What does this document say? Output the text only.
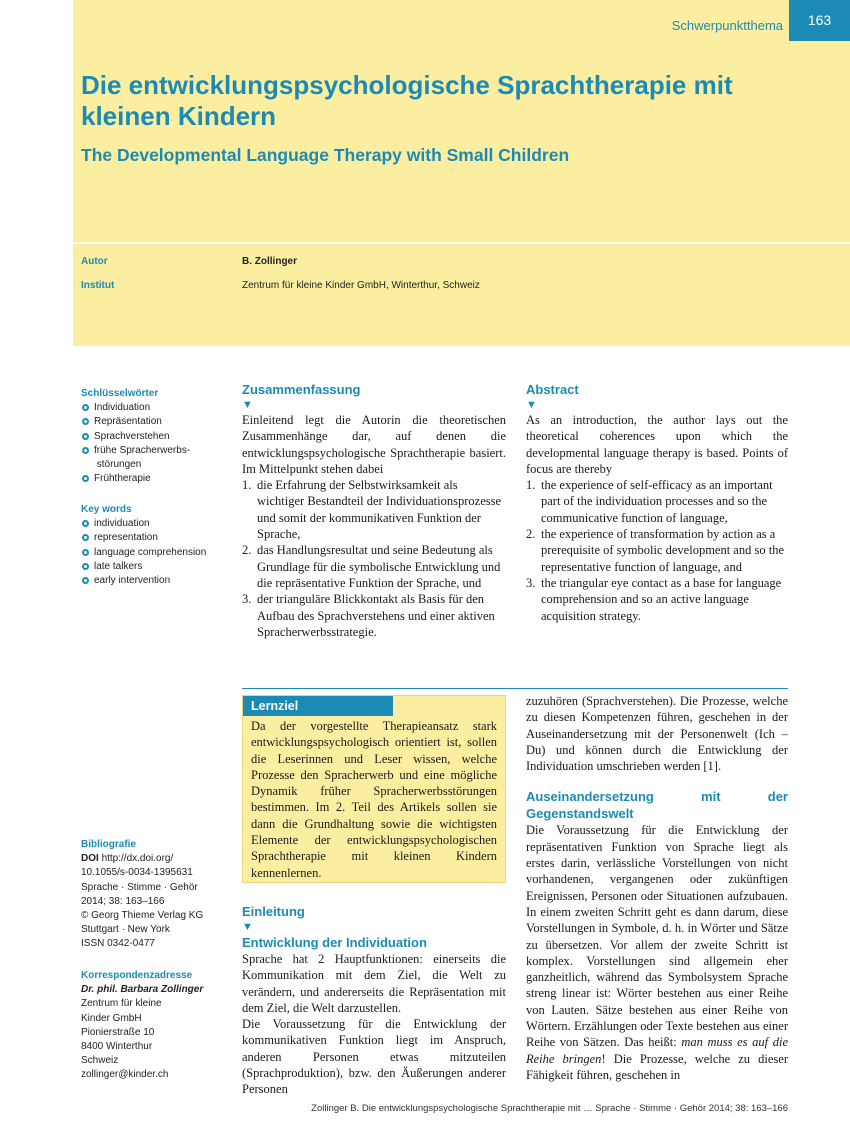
Schwerpunktthema	163
Die entwicklungspsychologische Sprachtherapie mit kleinen Kindern
The Developmental Language Therapy with Small Children
Autor	B. Zollinger
Institut	Zentrum für kleine Kinder GmbH, Winterthur, Schweiz
Schlüsselwörter
Individuation
Repräsentation
Sprachverstehen
frühe Spracherwerbs- störungen
Frühtherapie
Key words
individuation
representation
language comprehension
late talkers
early intervention
Bibliografie
DOI http://dx.doi.org/
10.1055/s-0034-1395631
Sprache · Stimme · Gehör
2014; 38: 163–166
© Georg Thieme Verlag KG
Stuttgart · New York
ISSN 0342-0477
Korrespondenzadresse
Dr. phil. Barbara Zollinger
Zentrum für kleine
Kinder GmbH
Pionierstraße 10
8400 Winterthur
Schweiz
zollinger@kinder.ch
Zusammenfassung
▼

Einleitend legt die Autorin die theoretischen Zusammenhänge dar, auf denen die entwicklungspsychologische Sprachtherapie basiert. Im Mittelpunkt stehen dabei

1. die Erfahrung der Selbstwirksamkeit als wichtiger Bestandteil der Individuationsprozesse und somit der kommunikativen Funktion der Sprache,
2. das Handlungsresultat und seine Bedeutung als Grundlage für die symbolische Entwicklung und die repräsentative Funktion der Sprache, und
3. der trianguläre Blickkontakt als Basis für den Aufbau des Sprachverstehens und einer aktiven Spracherwerbsstrategie.
Abstract
▼

As an introduction, the author lays out the theoretical coherences upon which the developmental language therapy is based. Points of focus are thereby

1. the experience of self-efficacy as an important part of the individuation processes and so the communicative function of language,
2. the experience of transformation by action as a prerequisite of symbolic development and so the representative function of language, and
3. the triangular eye contact as a base for language comprehension and so an active language acquisition strategy.
Lernziel
Da der vorgestellte Therapieansatz stark entwicklungspsychologisch orientiert ist, sollen die Leserinnen und Leser wissen, welche Prozesse den Spracherwerb und eine mögliche Dynamik früher Spracherwerbsstörungen bestimmen. Im 2. Teil des Artikels sollen sie dann die Grundhaltung sowie die wichtigsten Elemente der entwicklungspsychologischen Sprachtherapie mit kleinen Kindern kennenlernen.
Einleitung
▼
Entwicklung der Individuation

Sprache hat 2 Hauptfunktionen: einerseits die Kommunikation mit dem Ziel, die Welt zu verändern, und andererseits die Repräsentation mit dem Ziel, die Welt darzustellen.

Die Voraussetzung für die Entwicklung der kommunikativen Funktion liegt im Anspruch, anderen Personen etwas mitzuteilen (Sprachproduktion), bzw. den Äußerungen anderer Personen

zuzuhören (Sprachverstehen). Die Prozesse, welche zu diesen Kompetenzen führen, geschehen in der Auseinandersetzung mit der Personenwelt (Ich – Du) und können durch die Entwicklung der Individuation umschrieben werden [1].

Auseinandersetzung mit der Gegenstandswelt

Die Voraussetzung für die Entwicklung der repräsentativen Funktion von Sprache liegt als erstes darin, verlässliche Vorstellungen von nicht vorhandenen, vergangenen oder zukünftigen Ereignissen, Personen oder Situationen aufzubauen. In einem zweiten Schritt geht es dann darum, diese Vorstellungen in Symbole, d. h. in Wörter und Sätze zu übersetzen. Vor allem der zweite Schritt ist komplex. Vorstellungen sind allgemein eher ganzheitlich, während das Symbolsystem Sprache streng linear ist: Wörter bestehen aus einer Reihe von Lauten. Sätze bestehen aus einer Reihe von Wörtern. Erzählungen oder Texte bestehen aus einer Reihe von Sätzen. Das heißt: man muss es auf die Reihe bringen! Die Prozesse, welche zu dieser Fähigkeit führen, geschehen in

Zollinger B. Die entwicklungspsychologische Sprachtherapie mit … Sprache · Stimme · Gehör 2014; 38: 163–166
